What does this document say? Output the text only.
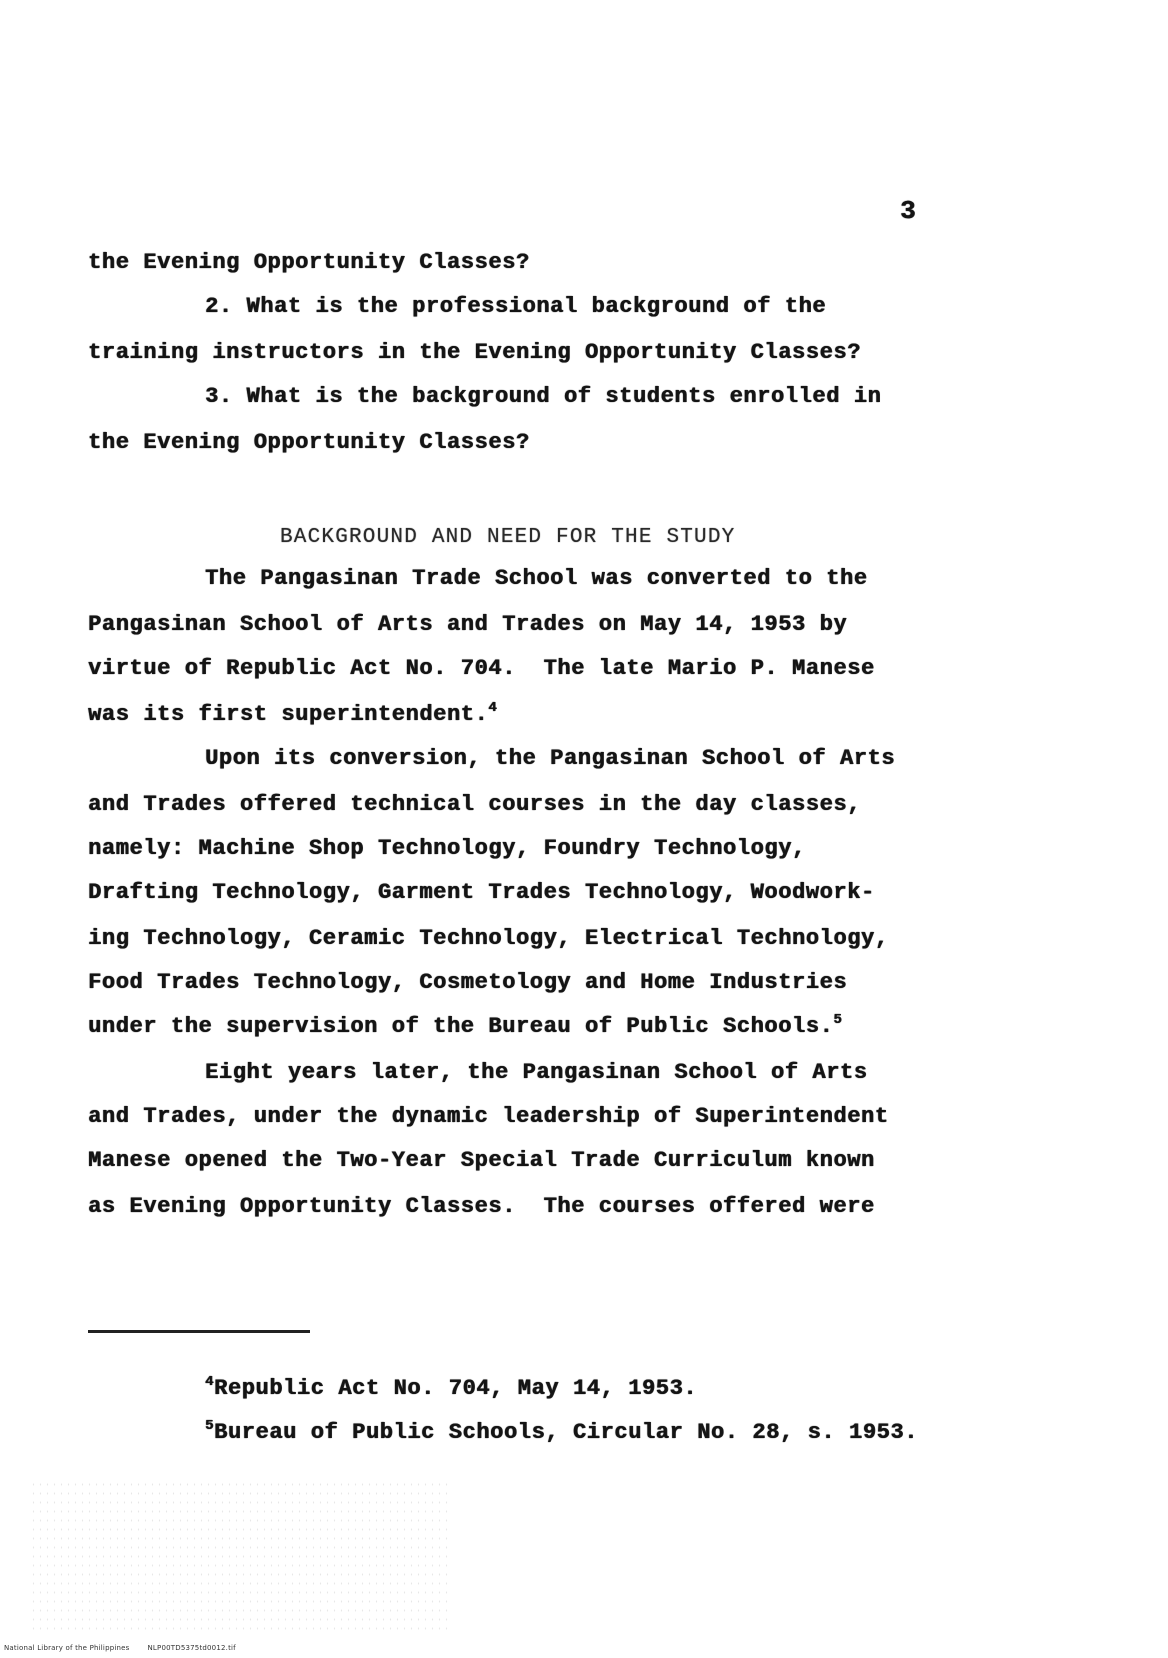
3
the Evening Opportunity Classes?
2. What is the professional background of the
training instructors in the Evening Opportunity Classes?
3. What is the background of students enrolled in
the Evening Opportunity Classes?
BACKGROUND AND NEED FOR THE STUDY
The Pangasinan Trade School was converted to the
Pangasinan School of Arts and Trades on May 14, 1953 by
virtue of Republic Act No. 704.  The late Mario P. Manese
was its first superintendent.$^4$
Upon its conversion, the Pangasinan School of Arts
and Trades offered technical courses in the day classes,
namely: Machine Shop Technology, Foundry Technology,
Drafting Technology, Garment Trades Technology, Woodwork-
ing Technology, Ceramic Technology, Electrical Technology,
Food Trades Technology, Cosmetology and Home Industries
under the supervision of the Bureau of Public Schools.$^5$
Eight years later, the Pangasinan School of Arts
and Trades, under the dynamic leadership of Superintendent
Manese opened the Two-Year Special Trade Curriculum known
as Evening Opportunity Classes.  The courses offered were
$^4$Republic Act No. 704, May 14, 1953.
$^5$Bureau of Public Schools, Circular No. 28, s. 1953.
National Library of the Philippines	NLP00TD5375td0012.tif
